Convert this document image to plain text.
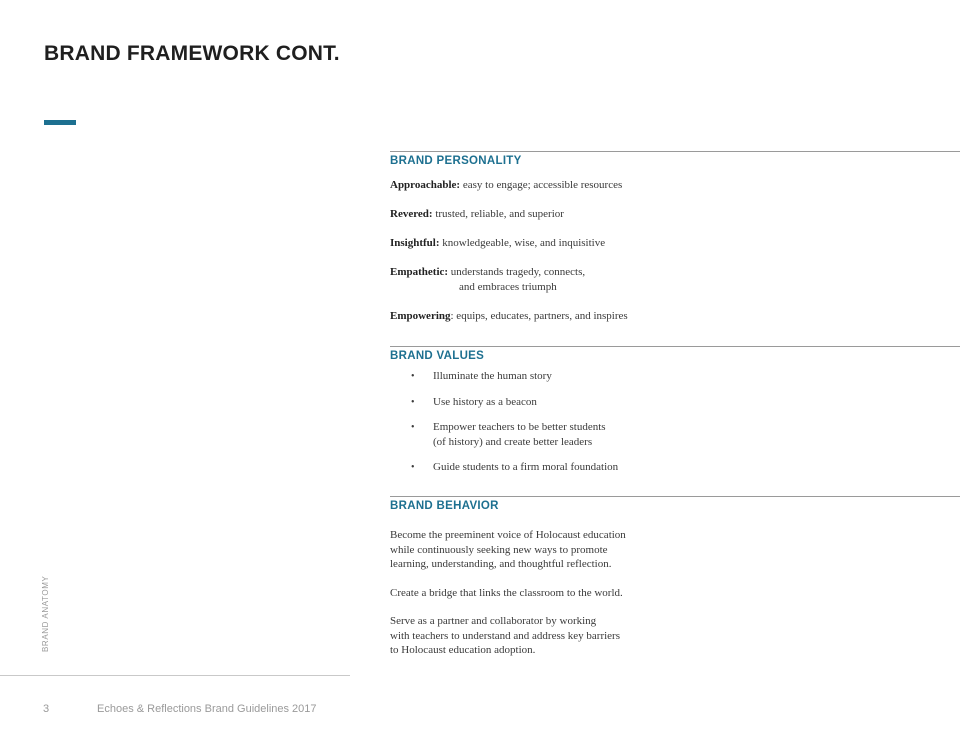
BRAND FRAMEWORK CONT.
BRAND PERSONALITY
Approachable: easy to engage; accessible resources
Revered: trusted, reliable, and superior
Insightful: knowledgeable, wise, and inquisitive
Empathetic: understands tragedy, connects,
and embraces triumph
Empowering: equips, educates, partners, and inspires
BRAND VALUES
•	Illuminate the human story
•	Use history as a beacon
•	Empower teachers to be better students
(of history) and create better leaders
•	Guide students to a firm moral foundation
BRAND BEHAVIOR

Become the preeminent voice of Holocaust education
while continuously seeking new ways to promote
learning, understanding, and thoughtful reflection.

Create a bridge that links the classroom to the world.

Serve as a partner and collaborator by working
with teachers to understand and address key barriers
to Holocaust education adoption.

BRAND ANATOMY
3	Echoes & Reflections Brand Guidelines 2017
